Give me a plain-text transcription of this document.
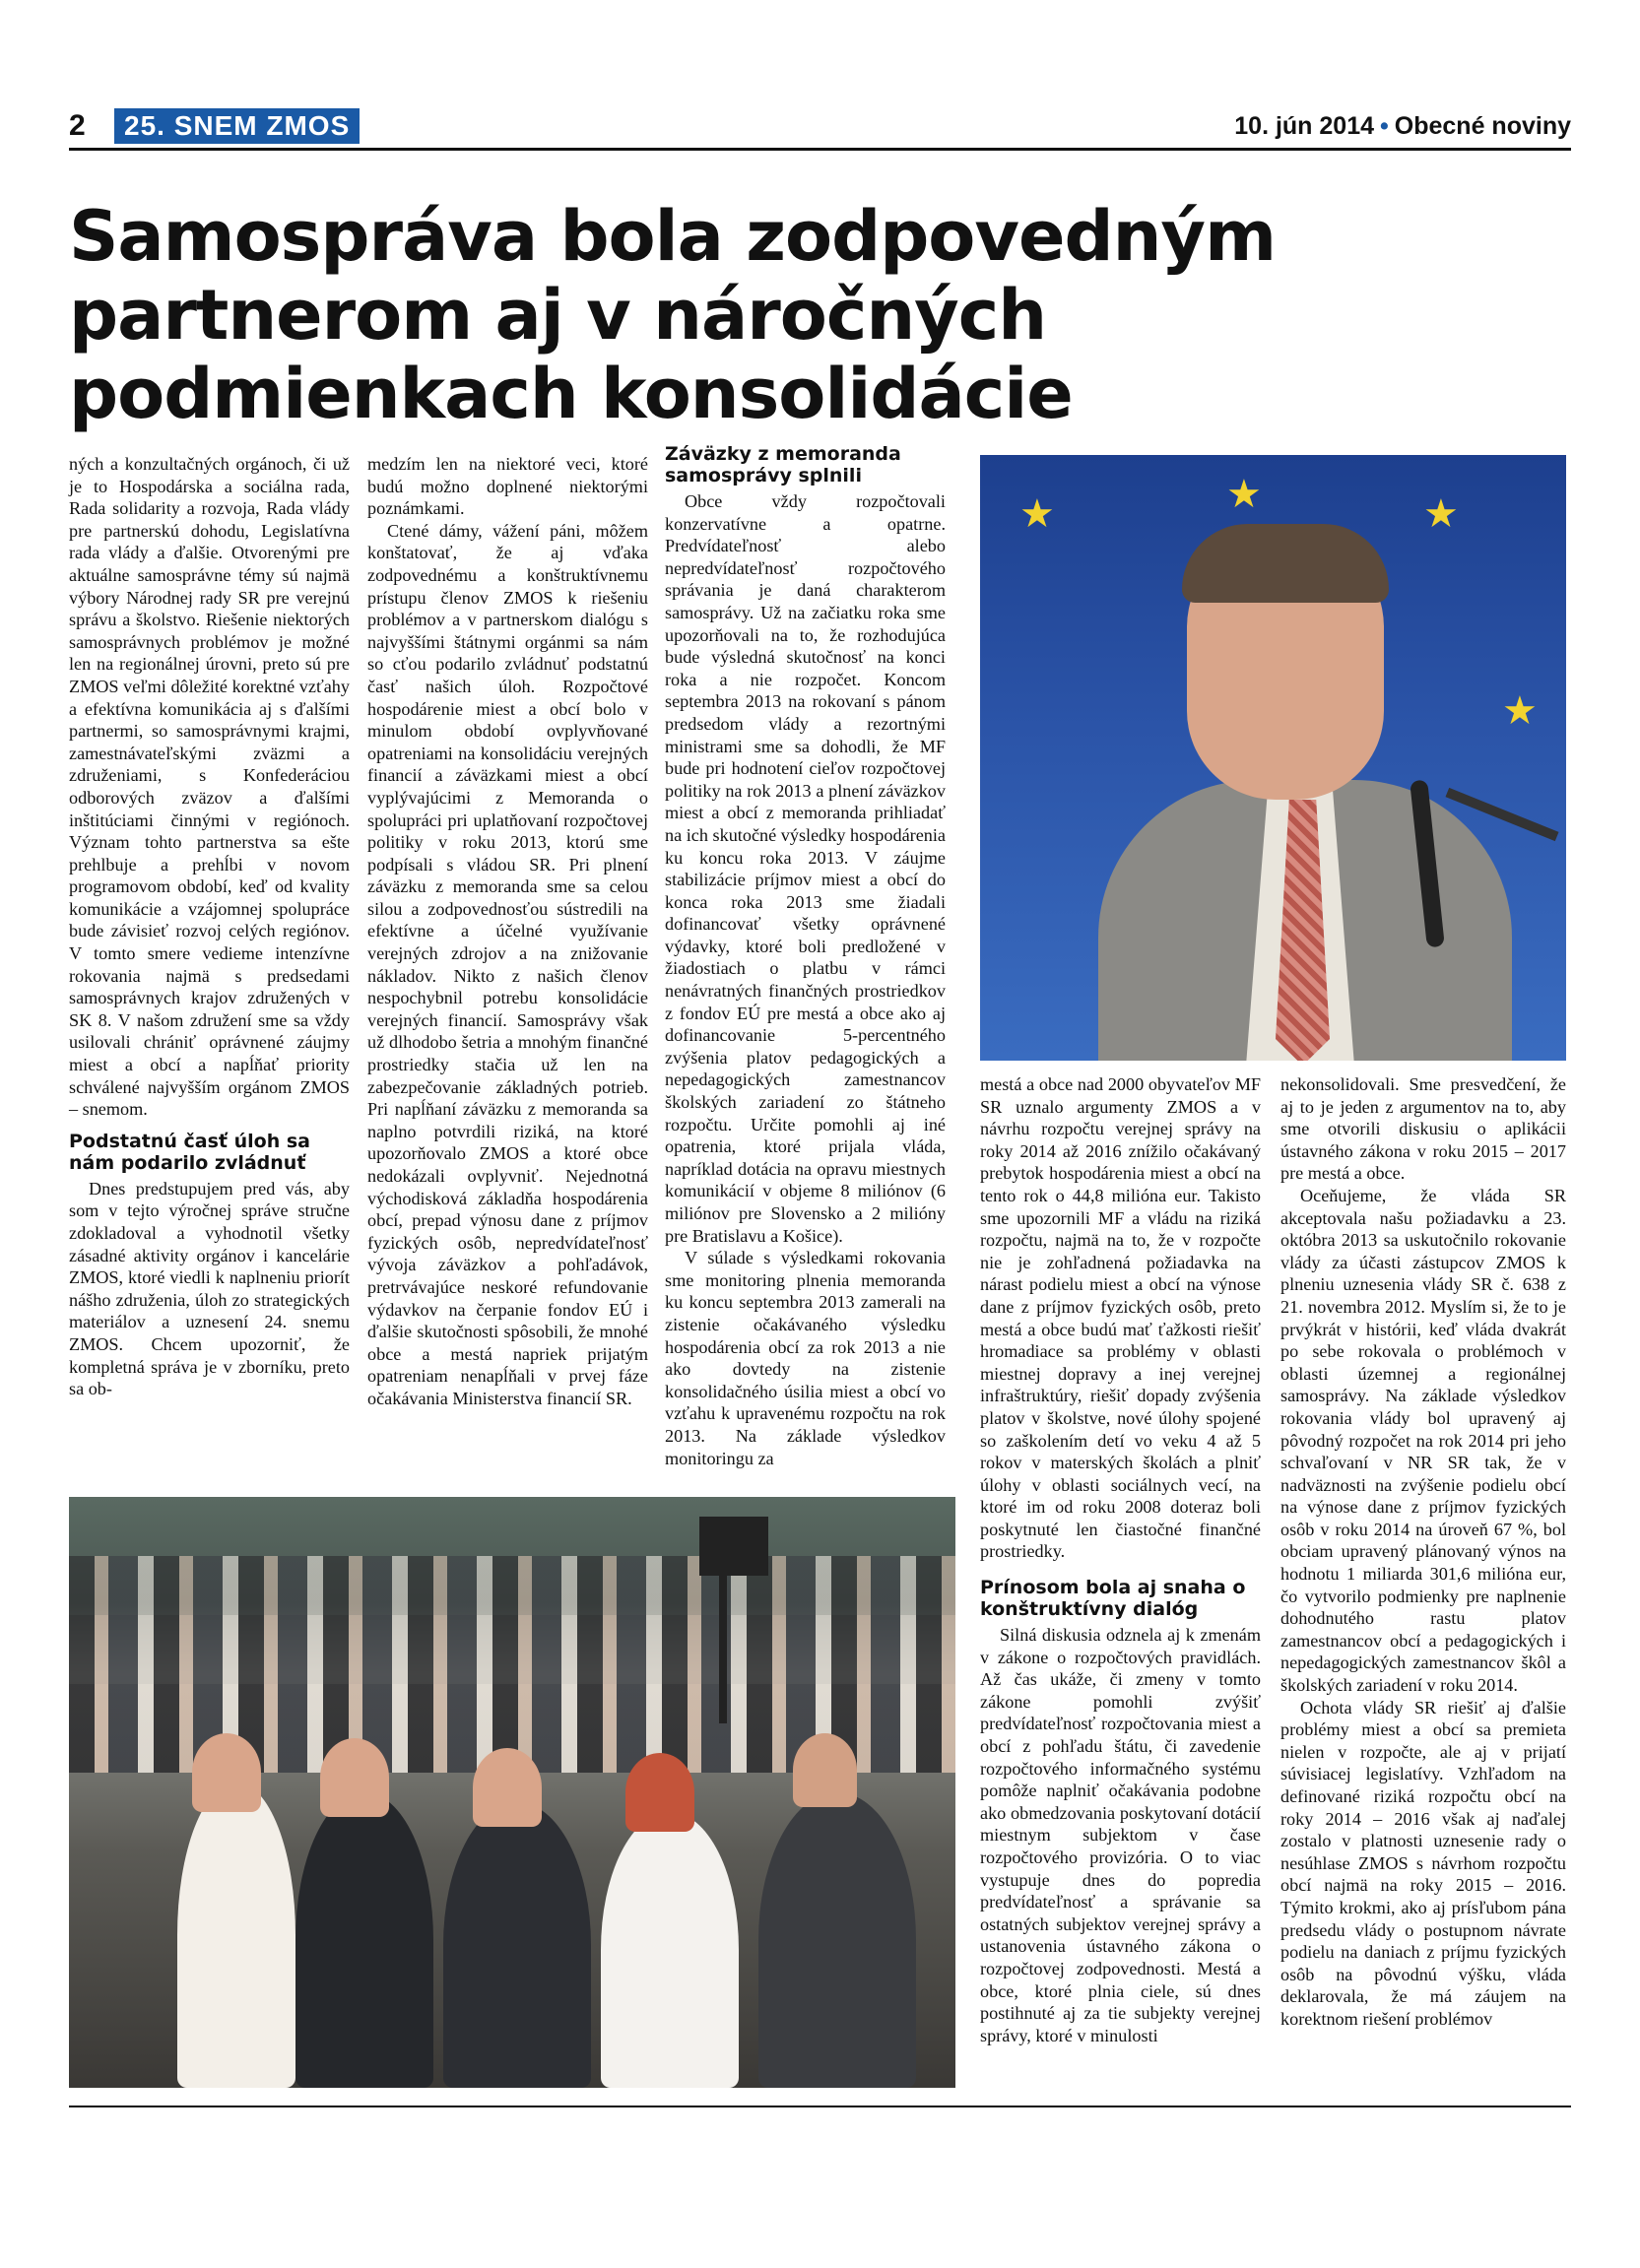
2	25. SNEM ZMOS	10. jún 2014 • Obecné noviny
Samospráva bola zodpovedným partnerom aj v náročných podmienkach konsolidácie

ných a konzultačných orgánoch, či už je to Hospodárska a sociálna rada, Rada solidarity a rozvoja, Rada vlády pre partnerskú dohodu, Legislatívna rada vlády a ďalšie. Otvorenými pre aktuálne samosprávne témy sú najmä výbory Národnej rady SR pre verejnú správu a školstvo. Riešenie niektorých samosprávnych problémov je možné len na regionálnej úrovni, preto sú pre ZMOS veľmi dôležité korektné vzťahy a efektívna komunikácia aj s ďalšími partnermi, so samosprávnymi krajmi, zamestnávateľskými zväzmi a združeniami, s Konfederáciou odborových zväzov a ďalšími inštitúciami činnými v regiónoch. Význam tohto partnerstva sa ešte prehlbuje a prehĺbi v novom programovom období, keď od kvality komunikácie a vzájomnej spolupráce bude závisieť rozvoj celých regiónov. V tomto smere vedieme intenzívne rokovania najmä s predsedami samosprávnych krajov združených v SK 8. V našom združení sme sa vždy usilovali chrániť oprávnené záujmy miest a obcí a napĺňať priority schválené najvyšším orgánom ZMOS – snemom.

Podstatnú časť úloh sa nám podarilo zvládnuť

Dnes predstupujem pred vás, aby som v tejto výročnej správe stručne zdokladoval a vyhodnotil všetky zásadné aktivity orgánov i kancelárie ZMOS, ktoré viedli k naplneniu priorít nášho združenia, úloh zo strategických materiálov a uznesení 24. snemu ZMOS. Chcem upozorniť, že kompletná správa je v zborníku, preto sa ob-

medzím len na niektoré veci, ktoré budú možno doplnené niektorými poznámkami.

Ctené dámy, vážení páni, môžem konštatovať, že aj vďaka zodpovednému a konštruktívnemu prístupu členov ZMOS k riešeniu problémov a v partnerskom dialógu s najvyššími štátnymi orgánmi sa nám so cťou podarilo zvládnuť podstatnú časť našich úloh. Rozpočtové hospodárenie miest a obcí bolo v minulom období ovplyvňované opatreniami na konsolidáciu verejných financií a záväzkami miest a obcí vyplývajúcimi z Memoranda o spolupráci pri uplatňovaní rozpočtovej politiky v roku 2013, ktorú sme podpísali s vládou SR. Pri plnení záväzku z memoranda sme sa celou silou a zodpovednosťou sústredili na efektívne a účelné využívanie verejných zdrojov a na znižovanie nákladov. Nikto z našich členov nespochybnil potrebu konsolidácie verejných financií. Samosprávy však už dlhodobo šetria a mnohým finančné prostriedky stačia už len na zabezpečovanie základných potrieb. Pri napĺňaní záväzku z memoranda sa naplno potvrdili riziká, na ktoré upozorňovalo ZMOS a ktoré obce nedokázali ovplyvniť. Nejednotná východisková základňa hospodárenia obcí, prepad výnosu dane z príjmov fyzických osôb, nepredvídateľnosť vývoja záväzkov a pohľadávok, pretrvávajúce neskoré refundovanie výdavkov na čerpanie fondov EÚ i ďalšie skutočnosti spôsobili, že mnohé obce a mestá napriek prijatým opatreniam nenapĺňali v prvej fáze očakávania Ministerstva financií SR.

Záväzky z memoranda samosprávy splnili

Obce vždy rozpočtovali konzervatívne a opatrne. Predvídateľnosť alebo nepredvídateľnosť rozpočtového správania je daná charakterom samosprávy. Už na začiatku roka sme upozorňovali na to, že rozhodujúca bude výsledná skutočnosť na konci roka a nie rozpočet. Koncom septembra 2013 na rokovaní s pánom predsedom vlády a rezortnými ministrami sme sa dohodli, že MF bude pri hodnotení cieľov rozpočtovej politiky na rok 2013 a plnení záväzkov miest a obcí z memoranda prihliadať na ich skutočné výsledky hospodárenia ku koncu roka 2013. V záujme stabilizácie príjmov miest a obcí do konca roka 2013 sme žiadali dofinancovať všetky oprávnené výdavky, ktoré boli predložené v žiadostiach o platbu v rámci nenávratných finančných prostriedkov z fondov EÚ pre mestá a obce ako aj dofinancovanie 5-percentného zvýšenia platov pedagogických a nepedagogických zamestnancov školských zariadení zo štátneho rozpočtu. Určite pomohli aj iné opatrenia, ktoré prijala vláda, napríklad dotácia na opravu miestnych komunikácií v objeme 8 miliónov (6 miliónov pre Slovensko a 2 milióny pre Bratislavu a Košice).

V súlade s výsledkami rokovania sme monitoring plnenia memoranda ku koncu septembra 2013 zamerali na zistenie očakávaného výsledku hospodárenia obcí za rok 2013 a nie ako dovtedy na zistenie konsolidačného úsilia miest a obcí vo vzťahu k upravenému rozpočtu na rok 2013. Na základe výsledkov monitoringu za

★	★	★
★

mestá a obce nad 2000 obyvateľov MF SR uznalo argumenty ZMOS a v návrhu rozpočtu verejnej správy na roky 2014 až 2016 znížilo očakávaný prebytok hospodárenia miest a obcí na tento rok o 44,8 milióna eur. Takisto sme upozornili MF a vládu na riziká rozpočtu, najmä na to, že v rozpočte nie je zohľadnená požiadavka na nárast podielu miest a obcí na výnose dane z príjmov fyzických osôb, preto mestá a obce budú mať ťažkosti riešiť hromadiace sa problémy v oblasti miestnej dopravy a inej verejnej infraštruktúry, riešiť dopady zvýšenia platov v školstve, nové úlohy spojené so zaškolením detí vo veku 4 až 5 rokov v materských školách a plniť úlohy v oblasti sociálnych vecí, na ktoré im od roku 2008 doteraz boli poskytnuté len čiastočné finančné prostriedky.

Prínosom bola aj snaha o konštruktívny dialóg

Silná diskusia odznela aj k zmenám v zákone o rozpočtových pravidlách. Až čas ukáže, či zmeny v tomto zákone pomohli zvýšiť predvídateľnosť rozpočtovania miest a obcí z pohľadu štátu, či zavedenie rozpočtového informačného systému pomôže naplniť očakávania podobne ako obmedzovania poskytovaní dotácií miestnym subjektom v čase rozpočtového provizória. O to viac vystupuje dnes do popredia predvídateľnosť a správanie sa ostatných subjektov verejnej správy a ustanovenia ústavného zákona o rozpočtovej zodpovednosti. Mestá a obce, ktoré plnia ciele, sú dnes postihnuté aj za tie subjekty verejnej správy, ktoré v minulosti

nekonsolidovali. Sme presvedčení, že aj to je jeden z argumentov na to, aby sme otvorili diskusiu o aplikácii ústavného zákona v roku 2015 – 2017 pre mestá a obce.

Oceňujeme, že vláda SR akceptovala našu požiadavku a 23. októbra 2013 sa uskutočnilo rokovanie vlády za účasti zástupcov ZMOS k plneniu uznesenia vlády SR č. 638 z 21. novembra 2012. Myslím si, že to je prvýkrát v histórii, keď vláda dvakrát po sebe rokovala o problémoch v oblasti územnej a regionálnej samosprávy. Na základe výsledkov rokovania vlády bol upravený aj pôvodný rozpočet na rok 2014 pri jeho schvaľovaní v NR SR tak, že v nadväznosti na zvýšenie podielu obcí na výnose dane z príjmov fyzických osôb v roku 2014 na úroveň 67 %, bol obciam upravený plánovaný výnos na hodnotu 1 miliarda 301,6 milióna eur, čo vytvorilo podmienky pre naplnenie dohodnutého rastu platov zamestnancov obcí a pedagogických i nepedagogických zamestnancov škôl a školských zariadení v roku 2014.

Ochota vlády SR riešiť aj ďalšie problémy miest a obcí sa premieta nielen v rozpočte, ale aj v prijatí súvisiacej legislatívy. Vzhľadom na definované riziká rozpočtu obcí na roky 2014 – 2016 však aj naďalej zostalo v platnosti uznesenie rady o nesúhlase ZMOS s návrhom rozpočtu obcí najmä na roky 2015 – 2016. Týmito krokmi, ako aj prísľubom pána predsedu vlády o postupnom návrate podielu na daniach z príjmu fyzických osôb na pôvodnú výšku, vláda deklarovala, že má záujem na korektnom riešení problémov
